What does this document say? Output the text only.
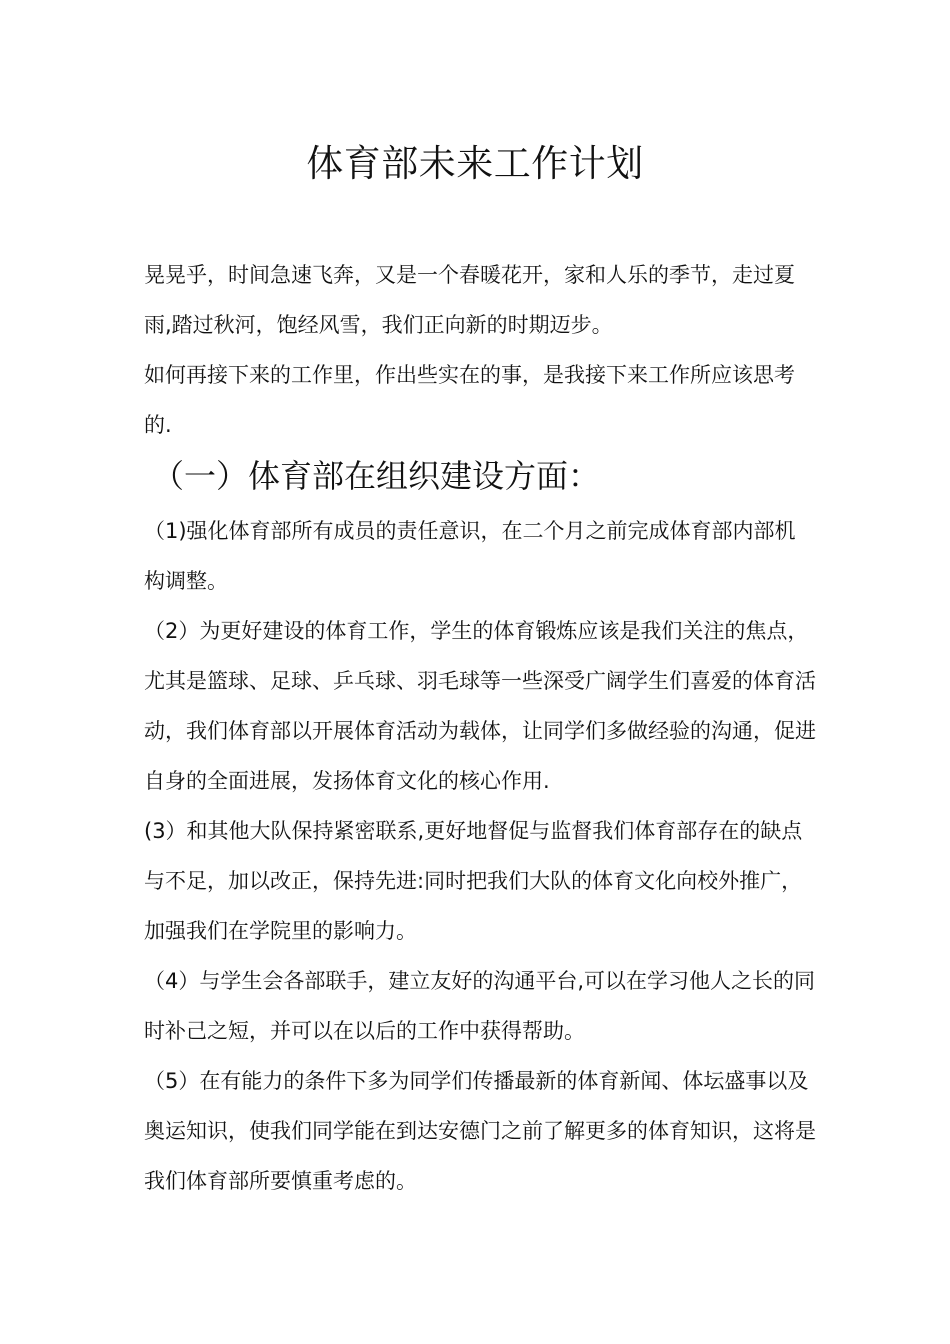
体育部未来工作计划

晃晃乎，时间急速飞奔，又是一个春暖花开，家和人乐的季节，走过夏雨,踏过秋河，饱经风雪，我们正向新的时期迈步。

如何再接下来的工作里，作出些实在的事，是我接下来工作所应该思考的.

（一）体育部在组织建设方面：

（1)强化体育部所有成员的责任意识，在二个月之前完成体育部内部机构调整。

（2）为更好建设的体育工作，学生的体育锻炼应该是我们关注的焦点，尤其是篮球、足球、乒乓球、羽毛球等一些深受广阔学生们喜爱的体育活动，我们体育部以开展体育活动为载体，让同学们多做经验的沟通，促进自身的全面进展，发扬体育文化的核心作用.

(3）和其他大队保持紧密联系,更好地督促与监督我们体育部存在的缺点与不足，加以改正，保持先进:同时把我们大队的体育文化向校外推广，加强我们在学院里的影响力。

（4）与学生会各部联手，建立友好的沟通平台,可以在学习他人之长的同时补己之短，并可以在以后的工作中获得帮助。

（5）在有能力的条件下多为同学们传播最新的体育新闻、体坛盛事以及奥运知识，使我们同学能在到达安德门之前了解更多的体育知识，这将是我们体育部所要慎重考虑的。
